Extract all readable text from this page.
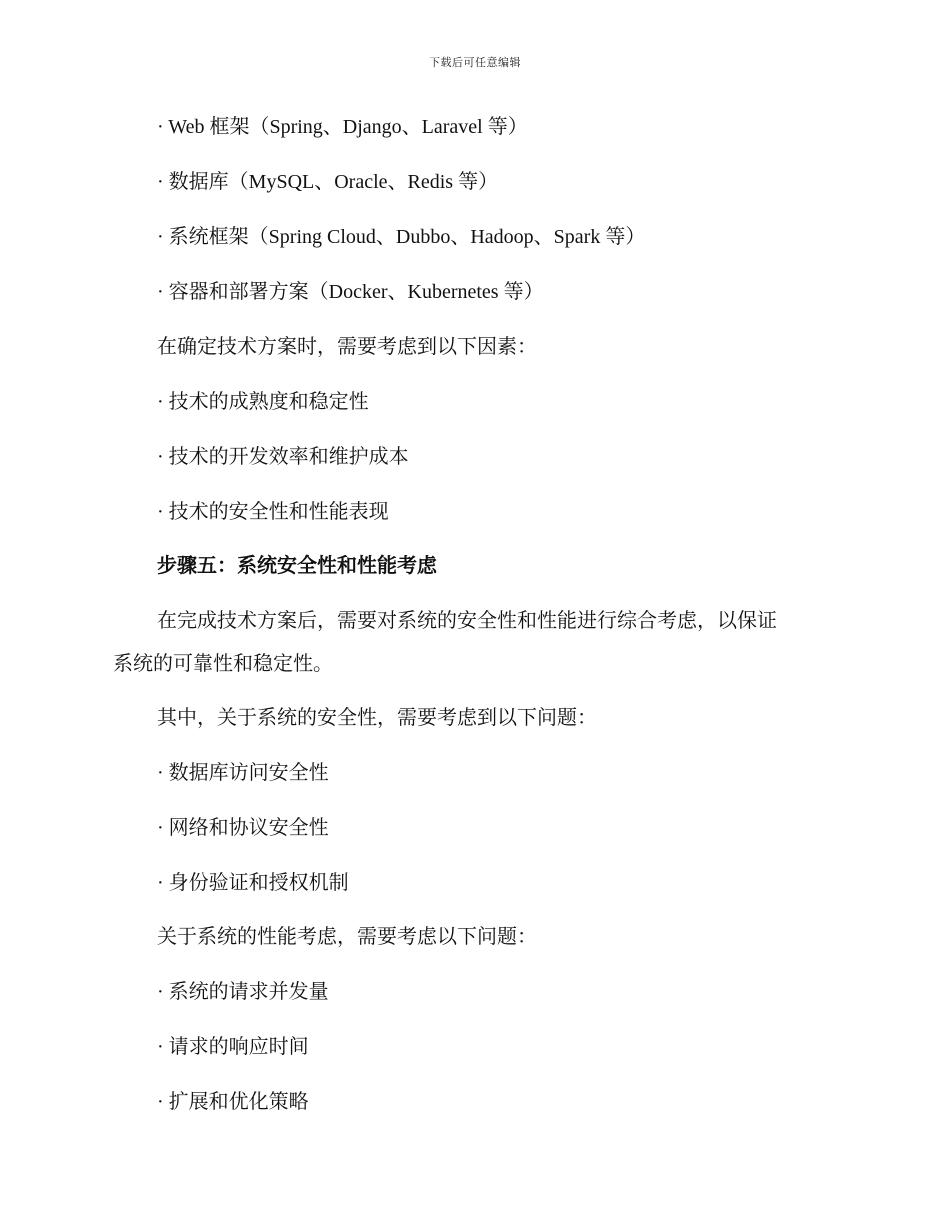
下载后可任意编辑
· Web 框架（Spring、Django、Laravel 等）
· 数据库（MySQL、Oracle、Redis 等）
· 系统框架（Spring Cloud、Dubbo、Hadoop、Spark 等）
· 容器和部署方案（Docker、Kubernetes 等）
在确定技术方案时，需要考虑到以下因素：
· 技术的成熟度和稳定性
· 技术的开发效率和维护成本
· 技术的安全性和性能表现
步骤五：系统安全性和性能考虑
在完成技术方案后，需要对系统的安全性和性能进行综合考虑，以保证
系统的可靠性和稳定性。
其中，关于系统的安全性，需要考虑到以下问题：
· 数据库访问安全性
· 网络和协议安全性
· 身份验证和授权机制
关于系统的性能考虑，需要考虑以下问题：
· 系统的请求并发量
· 请求的响应时间
· 扩展和优化策略
